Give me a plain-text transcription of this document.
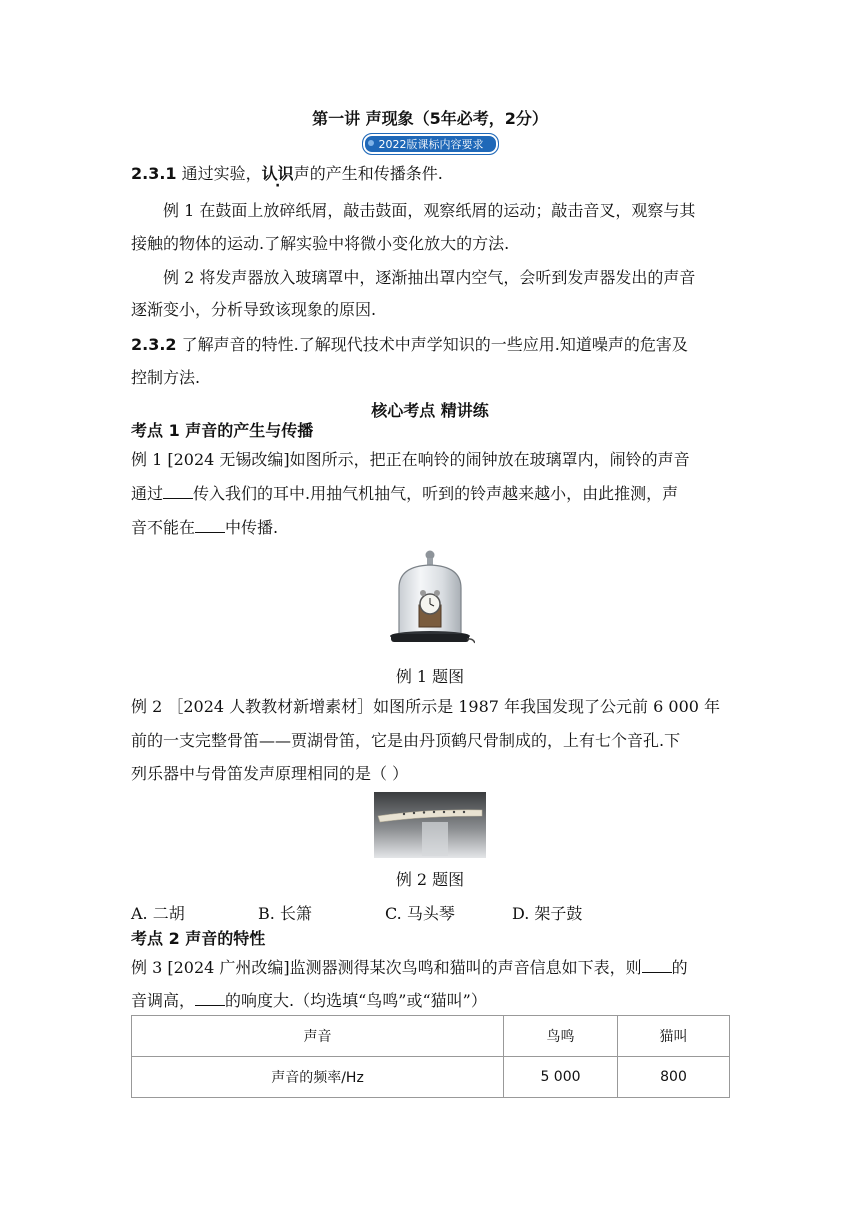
第一讲 声现象（5年必考，2分）
2022版课标内容要求
2.3.1 通过实验，认识声的产生和传播条件.
例 1 在鼓面上放碎纸屑，敲击鼓面，观察纸屑的运动；敲击音叉，观察与其
接触的物体的运动.了解实验中将微小变化放大的方法.
例 2 将发声器放入玻璃罩中，逐渐抽出罩内空气，会听到发声器发出的声音
逐渐变小，分析导致该现象的原因.
2.3.2 了解声音的特性.了解现代技术中声学知识的一些应用.知道噪声的危害及
控制方法.
核心考点 精讲练
考点 1 声音的产生与传播
例 1 [2024 无锡改编]如图所示，把正在响铃的闹钟放在玻璃罩内，闹铃的声音
通过 传入我们的耳中.用抽气机抽气，听到的铃声越来越小，由此推测，声
音不能在 中传播.
例 1 题图
例 2 ［2024 人教教材新增素材］如图所示是 1987 年我国发现了公元前 6 000 年
前的一支完整骨笛——贾湖骨笛，它是由丹顶鹤尺骨制成的，上有七个音孔.下
列乐器中与骨笛发声原理相同的是（ ）
例 2 题图
A. 二胡	B. 长箫	C. 马头琴	D. 架子鼓
考点 2 声音的特性
例 3 [2024 广州改编]监测器测得某次鸟鸣和猫叫的声音信息如下表，则 的
音调高， 的响度大.（均选填“鸟鸣”或“猫叫”）
声音	鸟鸣	猫叫
声音的频率/Hz	5 000	800
